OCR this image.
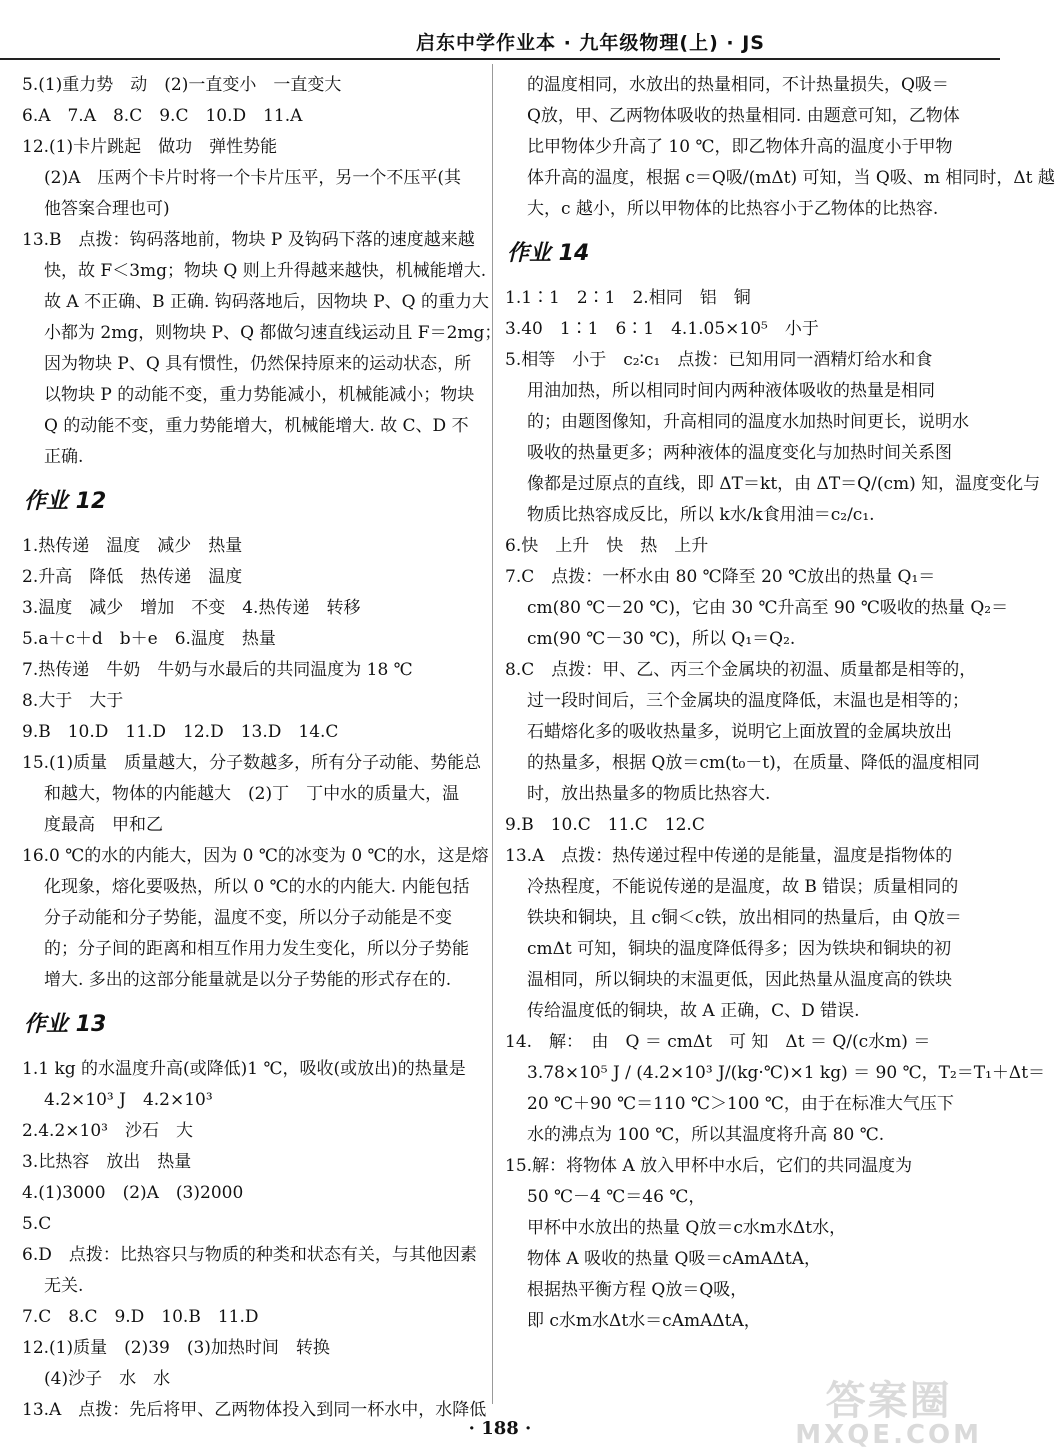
启东中学作业本 · 九年级物理(上) · JS
5.(1)重力势　动　(2)一直变小　一直变大
6.A　7.A　8.C　9.C　10.D　11.A
12.(1)卡片跳起　做功　弹性势能
(2)A　压两个卡片时将一个卡片压平，另一个不压平(其
他答案合理也可)
13.B　点拨：钩码落地前，物块 P 及钩码下落的速度越来越
快，故 F＜3mg；物块 Q 则上升得越来越快，机械能增大.
故 A 不正确、B 正确. 钩码落地后，因物块 P、Q 的重力大
小都为 2mg，则物块 P、Q 都做匀速直线运动且 F＝2mg；
因为物块 P、Q 具有惯性，仍然保持原来的运动状态，所
以物块 P 的动能不变，重力势能减小，机械能减小；物块
Q 的动能不变，重力势能增大，机械能增大. 故 C、D 不
正确.
作业 12
1.热传递　温度　减少　热量
2.升高　降低　热传递　温度
3.温度　减少　增加　不变　4.热传递　转移
5.a＋c＋d　b＋e　6.温度　热量
7.热传递　牛奶　牛奶与水最后的共同温度为 18 ℃
8.大于　大于
9.B　10.D　11.D　12.D　13.D　14.C
15.(1)质量　质量越大，分子数越多，所有分子动能、势能总
和越大，物体的内能越大　(2)丁　丁中水的质量大，温
度最高　甲和乙
16.0 ℃的水的内能大，因为 0 ℃的冰变为 0 ℃的水，这是熔
化现象，熔化要吸热，所以 0 ℃的水的内能大. 内能包括
分子动能和分子势能，温度不变，所以分子动能是不变
的；分子间的距离和相互作用力发生变化，所以分子势能
增大. 多出的这部分能量就是以分子势能的形式存在的.
作业 13
1.1 kg 的水温度升高(或降低)1 ℃，吸收(或放出)的热量是
4.2×10³ J　4.2×10³
2.4.2×10³　沙石　大
3.比热容　放出　热量
4.(1)3000　(2)A　(3)2000
5.C
6.D　点拨：比热容只与物质的种类和状态有关，与其他因素
无关.
7.C　8.C　9.D　10.B　11.D
12.(1)质量　(2)39　(3)加热时间　转换
(4)沙子　水　水
13.A　点拨：先后将甲、乙两物体投入到同一杯水中，水降低
的温度相同，水放出的热量相同，不计热量损失，Q吸＝
Q放，甲、乙两物体吸收的热量相同. 由题意可知，乙物体
比甲物体少升高了 10 ℃，即乙物体升高的温度小于甲物
体升高的温度，根据 c＝Q吸/(mΔt) 可知，当 Q吸、m 相同时，Δt 越
大，c 越小，所以甲物体的比热容小于乙物体的比热容.
作业 14
1.1∶1　2∶1　2.相同　铝　铜
3.40　1∶1　6∶1　4.1.05×10⁵　小于
5.相等　小于　c₂∶c₁　点拨：已知用同一酒精灯给水和食
用油加热，所以相同时间内两种液体吸收的热量是相同
的；由题图像知，升高相同的温度水加热时间更长，说明水
吸收的热量更多；两种液体的温度变化与加热时间关系图
像都是过原点的直线，即 ΔT＝kt，由 ΔT＝Q/(cm) 知，温度变化与
物质比热容成反比，所以 k水/k食用油＝c₂/c₁.
6.快　上升　快　热　上升
7.C　点拨：一杯水由 80 ℃降至 20 ℃放出的热量 Q₁＝
cm(80 ℃－20 ℃)，它由 30 ℃升高至 90 ℃吸收的热量 Q₂＝
cm(90 ℃－30 ℃)，所以 Q₁＝Q₂.
8.C　点拨：甲、乙、丙三个金属块的初温、质量都是相等的，
过一段时间后，三个金属块的温度降低，末温也是相等的；
石蜡熔化多的吸收热量多，说明它上面放置的金属块放出
的热量多，根据 Q放＝cm(t₀－t)，在质量、降低的温度相同
时，放出热量多的物质比热容大.
9.B　10.C　11.C　12.C
13.A　点拨：热传递过程中传递的是能量，温度是指物体的
冷热程度，不能说传递的是温度，故 B 错误；质量相同的
铁块和铜块，且 c铜＜c铁，放出相同的热量后，由 Q放＝
cmΔt 可知，铜块的温度降低得多；因为铁块和铜块的初
温相同，所以铜块的末温更低，因此热量从温度高的铁块
传给温度低的铜块，故 A 正确，C、D 错误.
14.　解：　由　Q ＝ cmΔt　可 知　Δt ＝ Q/(c水m) ＝
3.78×10⁵ J / (4.2×10³ J/(kg·℃)×1 kg) ＝ 90 ℃，T₂＝T₁＋Δt＝
20 ℃＋90 ℃＝110 ℃＞100 ℃，由于在标准大气压下
水的沸点为 100 ℃，所以其温度将升高 80 ℃.
15.解：将物体 A 放入甲杯中水后，它们的共同温度为
50 ℃－4 ℃＝46 ℃，
甲杯中水放出的热量 Q放＝c水m水Δt水，
物体 A 吸收的热量 Q吸＝cAmAΔtA，
根据热平衡方程 Q放＝Q吸，
即 c水m水Δt水＝cAmAΔtA，
· 188 ·
答案圈
MXQE.COM
